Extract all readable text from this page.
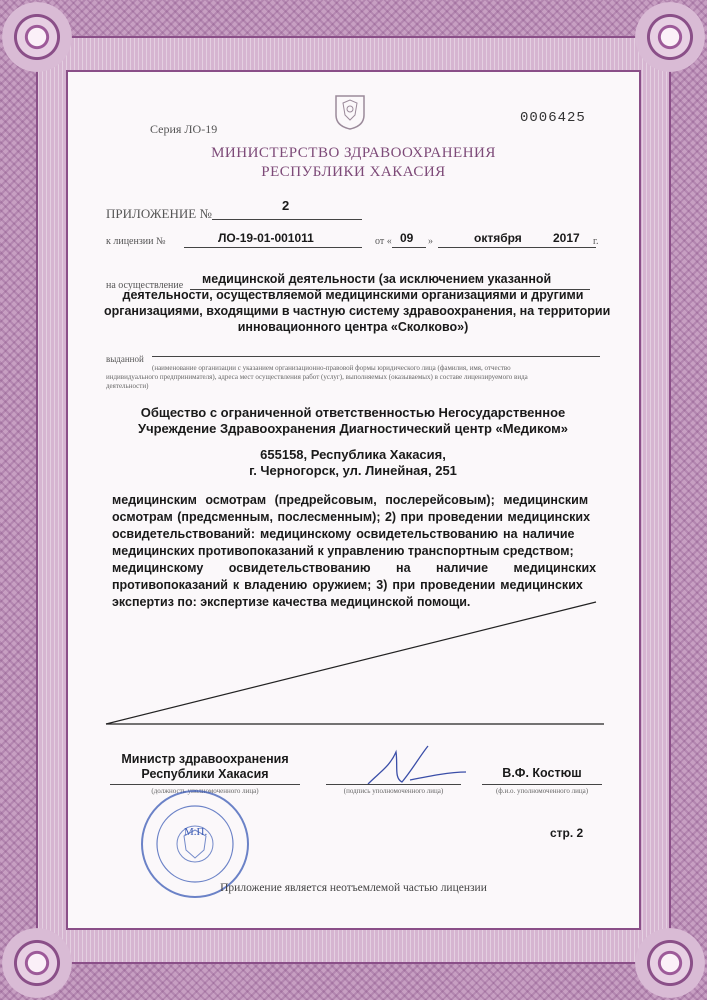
Серия ЛО-19
0006425
МИНИСТЕРСТВО ЗДРАВООХРАНЕНИЯ
РЕСПУБЛИКИ ХАКАСИЯ
ПРИЛОЖЕНИЕ №
2
к лицензии №	ЛО-19-01-001011	от « 09 »	октября	2017 г.
на осуществление медицинской деятельности (за исключением указанной
деятельности, осуществляемой медицинскими организациями и другими
организациями, входящими в частную систему здравоохранения, на территории
инновационного центра «Сколково»)
выданной
(наименование организации с указанием организационно-правовой формы юридического лица (фамилия, имя, отчество
индивидуального предпринимателя), адреса мест осуществления работ (услуг), выполняемых (оказываемых) в составе лицензируемого вида
деятельности)
Общество с ограниченной ответственностью Негосударственное
Учреждение Здравоохранения Диагностический центр «Медиком»
655158, Республика Хакасия,
г. Черногорск, ул. Линейная, 251
медицинским осмотрам (предрейсовым, послерейсовым); медицинским
осмотрам (предсменным, послесменным); 2) при проведении медицинских
освидетельствований: медицинскому освидетельствованию на наличие
медицинских противопоказаний к управлению транспортным средством;
медицинскому освидетельствованию на наличие медицинских
противопоказаний к владению оружием; 3) при проведении медицинских
экспертиз по: экспертизе качества медицинской помощи.
Министр здравоохранения
Республики Хакасия
(должность уполномоченного лица)	(подпись уполномоченного лица)
В.Ф. Костюш
(ф.и.о. уполномоченного лица)
М.П.	стр. 2
Приложение является неотъемлемой частью лицензии
